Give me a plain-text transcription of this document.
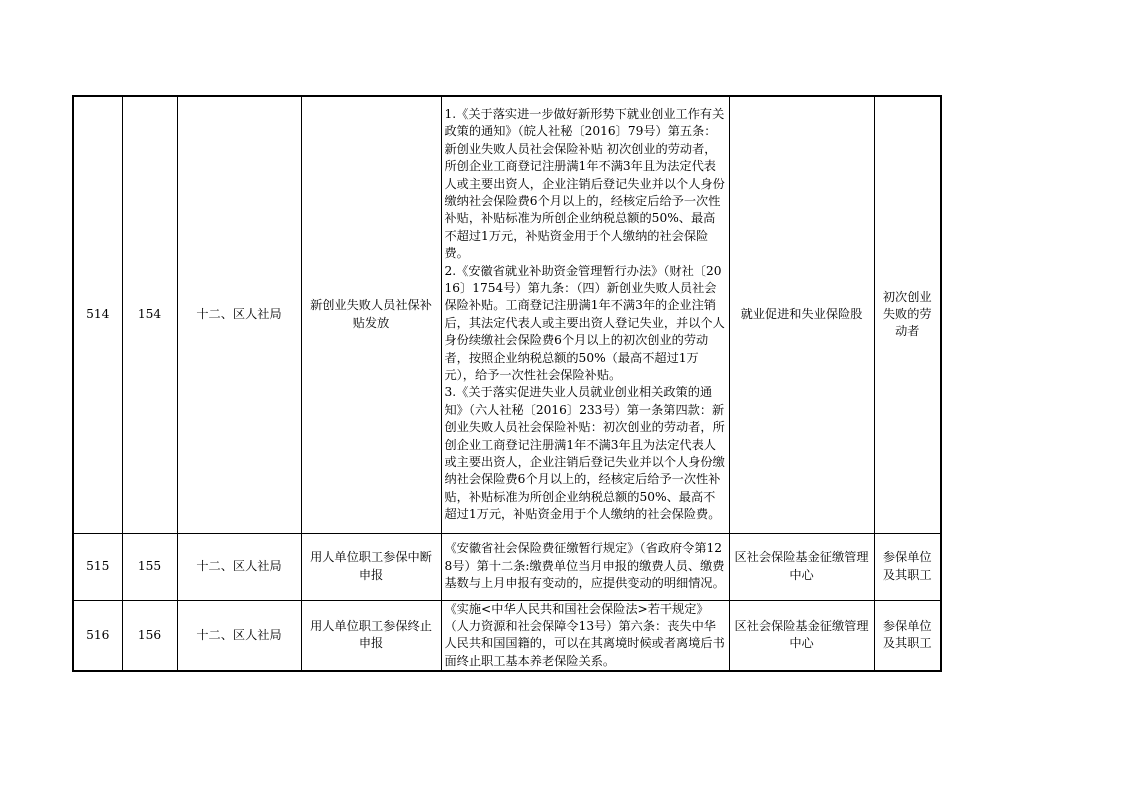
514	154	十二、区人社局	新创业失败人员社保补贴发放	1.《关于落实进一步做好新形势下就业创业工作有关政策的通知》（皖人社秘〔2016〕79号）第五条：新创业失败人员社会保险补贴 初次创业的劳动者，所创企业工商登记注册满1年不满3年且为法定代表人或主要出资人，企业注销后登记失业并以个人身份缴纳社会保险费6个月以上的，经核定后给予一次性补贴，补贴标准为所创企业纳税总额的50%、最高不超过1万元，补贴资金用于个人缴纳的社会保险费。
2.《安徽省就业补助资金管理暂行办法》（财社〔2016〕1754号）第九条：（四）新创业失败人员社会保险补贴。工商登记注册满1年不满3年的企业注销后，其法定代表人或主要出资人登记失业，并以个人身份续缴社会保险费6个月以上的初次创业的劳动者，按照企业纳税总额的50%（最高不超过1万元），给予一次性社会保险补贴。
3.《关于落实促进失业人员就业创业相关政策的通知》（六人社秘〔2016〕233号）第一条第四款：新创业失败人员社会保险补贴：初次创业的劳动者，所创企业工商登记注册满1年不满3年且为法定代表人或主要出资人，企业注销后登记失业并以个人身份缴纳社会保险费6个月以上的，经核定后给予一次性补贴，补贴标准为所创企业纳税总额的50%、最高不超过1万元，补贴资金用于个人缴纳的社会保险费。	就业促进和失业保险股	初次创业失败的劳动者
515	155	十二、区人社局	用人单位职工参保中断申报	《安徽省社会保险费征缴暂行规定》（省政府令第128号）第十二条:缴费单位当月申报的缴费人员、缴费基数与上月申报有变动的，应提供变动的明细情况。	区社会保险基金征缴管理中心	参保单位及其职工
516	156	十二、区人社局	用人单位职工参保终止申报	《实施<中华人民共和国社会保险法>若干规定》（人力资源和社会保障令13号）第六条：丧失中华人民共和国国籍的，可以在其离境时候或者离境后书面终止职工基本养老保险关系。	区社会保险基金征缴管理中心	参保单位及其职工
